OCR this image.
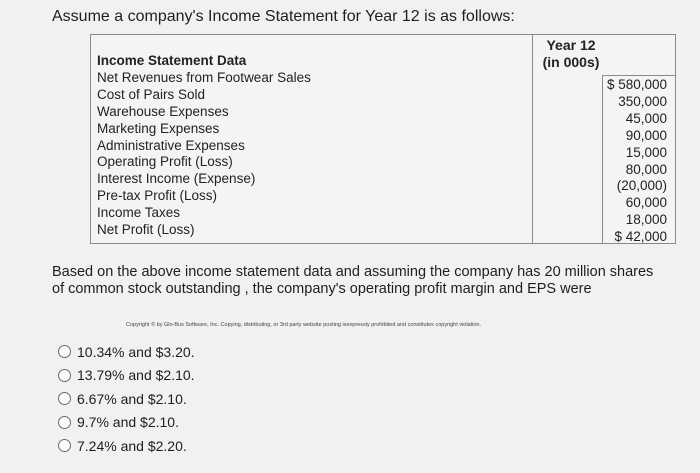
Assume a company's Income Statement for Year 12 is as follows:
Year 12
(in 000s)
Income Statement Data
Net Revenues from Footwear Sales
Cost of Pairs Sold
Warehouse Expenses
Marketing Expenses
Administrative Expenses
Operating Profit (Loss)
Interest Income (Expense)
Pre-tax Profit (Loss)
Income Taxes
Net Profit (Loss)
$ 580,000
350,000
45,000
90,000
15,000
80,000
(20,000)
60,000
18,000
$ 42,000
Based on the above income statement data and assuming the company has 20 million shares
of common stock outstanding , the company's operating profit margin and EPS were
Copyright © by Glo-Bus Software, Inc. Copying, distributing, or 3rd party website posting isexpressly prohibited and constitutes copyright violation.
10.34% and $3.20.
13.79% and $2.10.
6.67% and $2.10.
9.7% and $2.10.
7.24% and $2.20.
